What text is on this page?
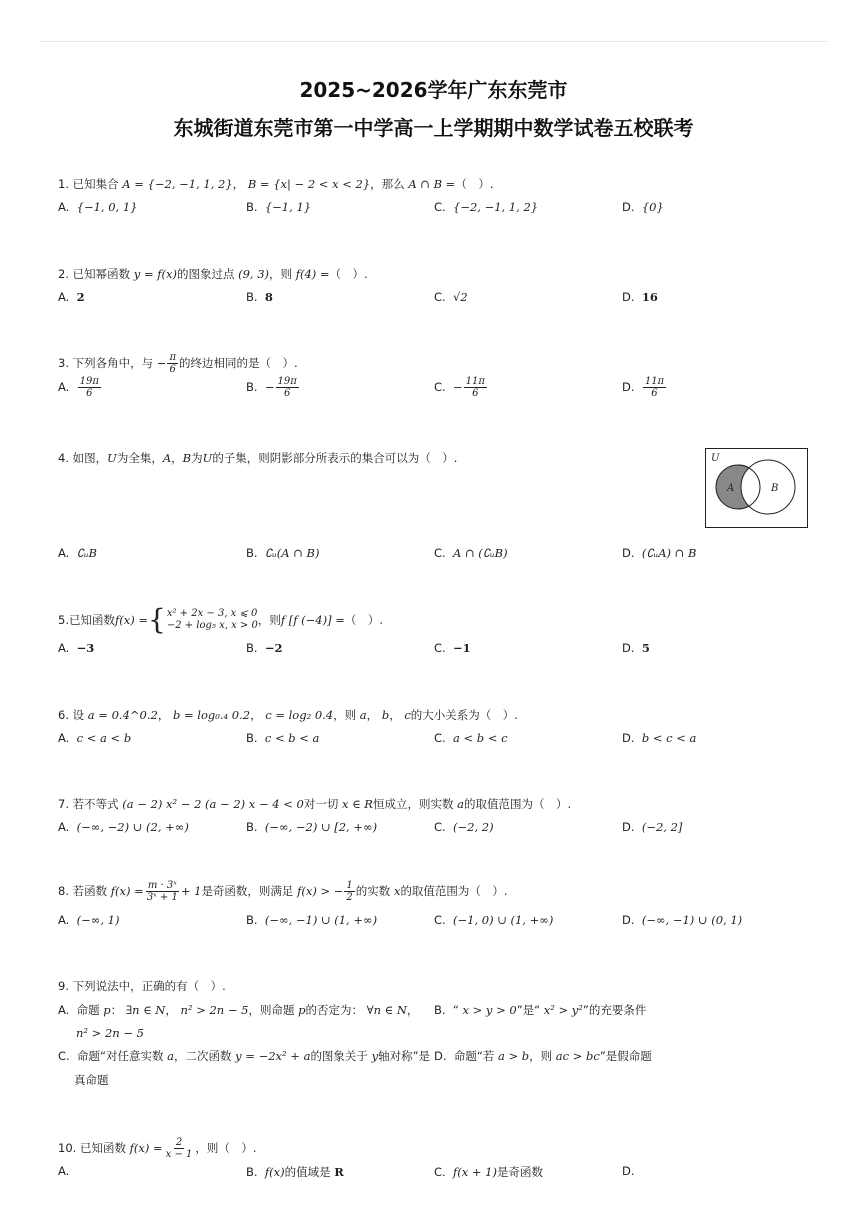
2025~2026学年广东东莞市
东城街道东莞市第一中学高一上学期期中数学试卷五校联考
1. 已知集合 A = {−2, −1, 1, 2}， B = {x| − 2 < x < 2}，那么 A ∩ B =（　）.
A. {−1, 0, 1}	B. {−1, 1}	C. {−2, −1, 1, 2}	D. {0}
2. 已知幂函数 y = f(x)的图象过点 (9, 3)，则 f(4) =（　）.
A. 2	B. 8	C. √2	D. 16
3. 下列各角中，与 − $\frac{\pi}{6}$ 的终边相同的是（　）.
A. $\frac{19\pi}{6}$	B. − $\frac{19\pi}{6}$	C. − $\frac{11\pi}{6}$	D. $\frac{11\pi}{6}$
4. 如图，U为全集，A，B为U的子集，则阴影部分所表示的集合可以为（　）.	U
A	B
A. ∁ᵤB	B. ∁ᵤ(A ∩ B)	C. A ∩ (∁ᵤB)	D. (∁ᵤA) ∩ B
5. 已知函数 f(x) = { x² + 2x − 3, x ⩽ 0
−2 + log₅ x, x > 0 ，则 f [f (−4)] = （　）.
A. −3	B. −2	C. −1	D. 5
6. 设 a = 0.4^0.2， b = log₀.₄ 0.2， c = log₂ 0.4，则 a， b， c的大小关系为（　）.
A. c < a < b	B. c < b < a	C. a < b < c	D. b < c < a
7. 若不等式 (a − 2) x² − 2 (a − 2) x − 4 < 0对一切 x ∈ R恒成立，则实数 a的取值范围为（　）.
A. (−∞, −2) ∪ (2, +∞)	B. (−∞, −2) ∪ [2, +∞)	C. (−2, 2)	D. (−2, 2]
8. 若函数 $f(x) = \frac{\text{m · 3ˣ}}{\text{3ˣ + 1}} + 1$是奇函数，则满足 f(x) > − $\frac{1}{2}$ 的实数 x的取值范围为（　）.
A. (−∞, 1)	B. (−∞, −1) ∪ (1, +∞)	C. (−1, 0) ∪ (1, +∞)	D. (−∞, −1) ∪ (0, 1)
9. 下列说法中，正确的有（　）.
A. 命题 p： ∃n ∈ N， n² > 2n − 5，则命题 p的否定为： ∀n ∈ N，
n² > 2n − 5
B. “ x > y > 0”是“ x² > y²”的充要条件
C. 命题“对任意实数 a，二次函数 y = −2x² + a的图象关于 y轴对称”是
真命题
D. 命题“若 a > b，则 ac > bc”是假命题
10. 已知函数 $f(x) = \frac{2}{x - 1}$ ，则（　）.
A.	B. f(x)的值域是 R	C. f(x + 1)是奇函数	D.
